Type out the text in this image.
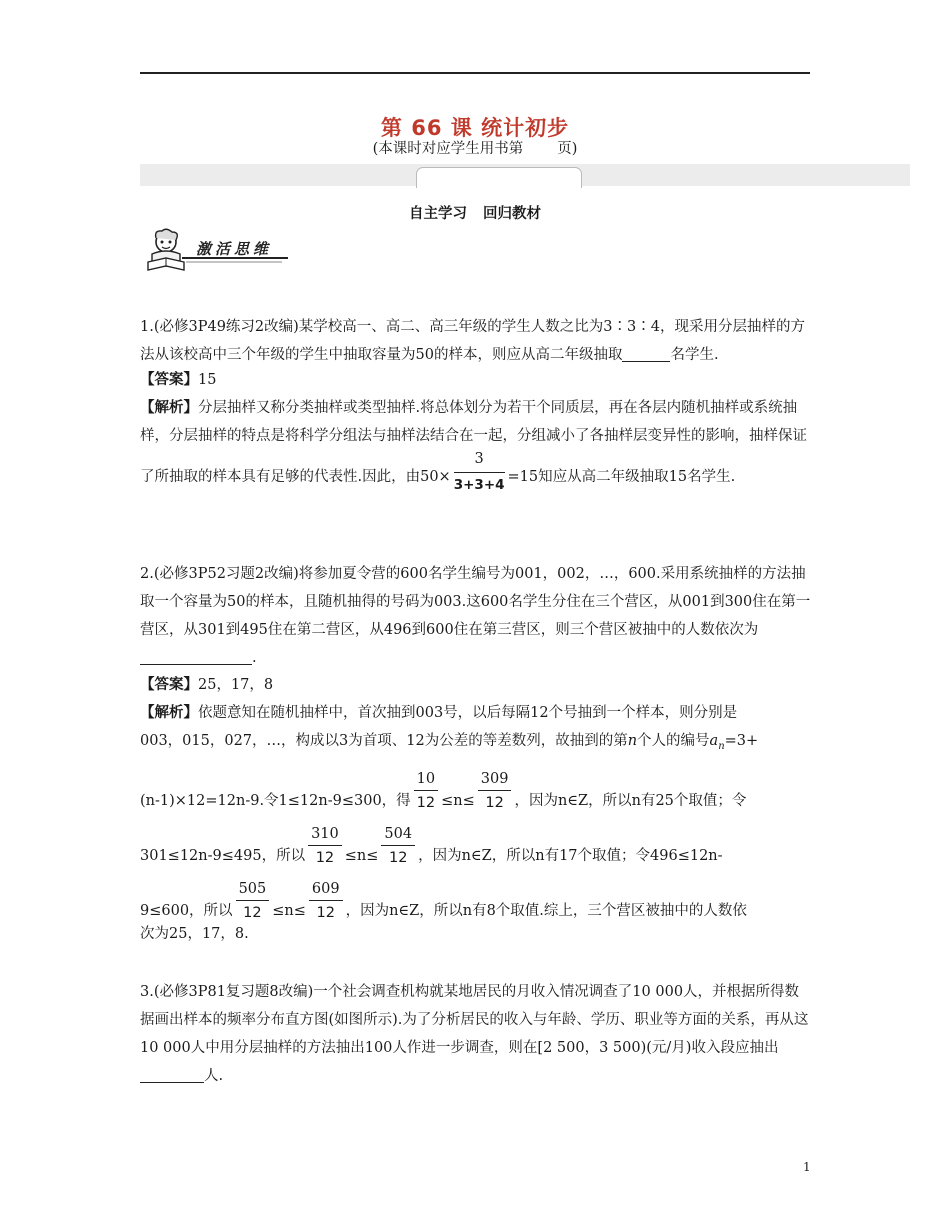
第 66 课 统计初步
(本课时对应学生用书第 页)
自主学习 回归教材
激活思维

1.(必修3P49练习2改编)某学校高一、高二、高三年级的学生人数之比为3∶3∶4，现采用分层抽样的方法从该校高中三个年级的学生中抽取容量为50的样本，则应从高二年级抽取	名学生.

【答案】15

【解析】分层抽样又称分类抽样或类型抽样.将总体划分为若干个同质层，再在各层内随机抽样或系统抽样，分层抽样的特点是将科学分组法与抽样法结合在一起，分组减小了各抽样层变异性的影响，抽样保证了所抽取的样本具有足够的代表性.因此，由$50\times \frac{3}{3+3+4} =15$知应从高二年级抽取15名学生.

2.(必修3P52习题2改编)将参加夏令营的600名学生编号为001，002，…，600.采用系统抽样的方法抽取一个容量为50的样本，且随机抽得的号码为003.这600名学生分住在三个营区，从001到300住在第一营区，从301到495住在第二营区，从496到600住在第三营区，则三个营区被抽中的人数依次为.

【答案】25，17，8

【解析】依题意知在随机抽样中，首次抽到003号，以后每隔12个号抽到一个样本，则分别是

003，015，027，…，构成以3为首项、12为公差的等差数列，故抽到的第n个人的编号$a_n=3+$

(n-1)×12=12n-9.令1≤12n-9≤300，得 $\frac{10}{12} \le n\le \frac{309}{12}$ ，因为n∈Z，所以n有25个取值；令

301≤12n-9≤495，所以 $\frac{310}{12} \le n\le \frac{504}{12}$ ，因为n∈Z，所以n有17个取值；令496≤12n-

9≤600，所以 $\frac{505}{12} \le n\le \frac{609}{12}$ ，因为n∈Z，所以n有8个取值.综上，三个营区被抽中的人数依

次为25，17，8.

3.(必修3P81复习题8改编)一个社会调查机构就某地居民的月收入情况调查了10 000人，并根据所得数据画出样本的频率分布直方图(如图所示).为了分析居民的收入与年龄、学历、职业等方面的关系，再从这10 000人中用分层抽样的方法抽出100人作进一步调查，则在[2 500，3 500)(元/月)收入段应抽出人.

1
